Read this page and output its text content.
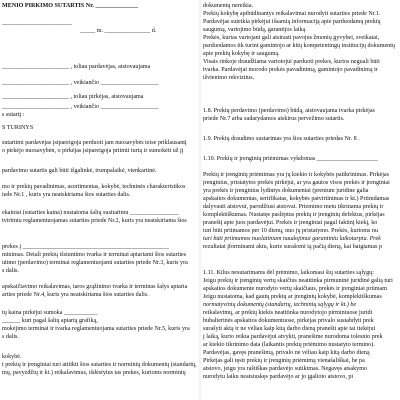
MENIO PIRKIMO SUTARTIS Nr. ______________
_______________________
_____ m. _______________ d.
______________________ , toliau pardavėjas, atstovaujama
______________________ , veikiančio ___________________
______________________ , toliau pirkėjas, atstovaujama
______________________ , veikiančio ___________________
s sutartį :
S TURINYS
sutartimi pardavėjas įsipareigoja perduoti jam nuosavybės teise priklausantį
o pirkėjo nuosavybėn, o pirkėjas įsipareigoja priimti turtą ir sumokėti už jį
pardavimo sutartis gali būti išgalinkė, trumpalaikė, vienkartinė.
mo ir prekių pavadinimas, asortimentas, kokybė, techninės charakteristikos
iede Nr.1 , kuris yra neatskiriama šios sutarties dalis.
ekainiai (sutarties kaina) nustatoma šalių susitarimu ________________
tvirtintu reglamentuojamas sutarties priede Nr.2, kuris yra neatskiriama šios
prekes į ________________________________________________
minimas. Detali prekių išsiuntimo tvarka ir terminai aptariami šios sutarties
utimo (perdavimo) terminai reglamentuojami sutarties priede Nr.3, kuris yra
s dalis.
apskaičiavimo reikalavimas, taros grąžinimo tvarka ir terminas šalys aptaria
arties priede Nr.4, kuris yra neatskiriama šios sutarties dalis.
tų kaina pirkėjui sumoka ___________
______ kuri pagal šalių aptartą grafiką,
mokėjimo terminai ir tvarka reglamentuojama sutarties priede Nr.5, kuris yra
s dalis.
kokybė.
t prekių ir įrenginiai turi atitikti šios sutarties ir norminių dokumentų (standartų,
mų, pavyzdžių ir kt.) reikalavimus, išdėstytus tas prekes, kurioms norminių
dokumentų nereikia.
Prekių kokybę apibūdinantys reikalavimai nurodyti sutarties priede Nr.1.
Pardavėjas suteikia pirkėjui išsamią informaciją apie parduodamų prekių
saugumą, vartojimo būdą, garantijos laiką.
Prekės, kurias vartojant gali atsirasti pavojus žmonių gyvybei, sveikatai,
parduodamos tik turint gamintojo ar kitų kompetentingų institucijų dokumentų
apie prekių kokybę ir saugumą.
Visais rinkoje draudžiama vartotojui parduoti prekes, kurios neguali būti
tvarka. Pardavėjai morodo prekės pavadinimą, gamintojo pavadinimą ir
išvienimo rekvizitus.
1.8. Prekių perdavimo (perdavimo) būdą, atstovaujama tvarka pirkėjas
priede Nr.7 arba sudarydamos atskirus pervežimo sutartis.
1.9. Prekių draudimo sustarimas yra šios sutarties priedas Nr. 8 .
1.10. Prekių ir įrenginių priėmimas vykdomas ____________________
Prekių ir įrenginių priėmimas yra jų kiekio ir kokybės patikrinimas. Pirkėjas
įrenginius, pristatytos prekės pirkėjui, ar yra gautos visos prekės ir įrenginiai
yra prekės ir įrenginius lydintys dokumentai (prenium juridine galia
apskaitos dokumentas, sertifikatas, kokybės patvirtinimas ir kt.) Priimdamas
dalyvauti atstovui, parodžiusi atstovai. Priemimo metu tikrinama prekių ir
komplektiškumas. Nustatęs paslėptus prekių ir įrenginių defektus, pirkėjas
praneštį apie juos pardavėjui. Prekės ir įrenginiai pagal faktinį kiekį, ko
turi būti priimamos per 10 dienų, nuo jų pristatymo. Prekės, kurioms nu
turi būti priimamos nuolatiniam naudojimui garantiniu laikotarpiu. Prek
rezultatai įforminami aktu, kurie surašomi tą pačią dieną, kai baigiamas p
1.11. Kilus nesutarimams dėl prėmimo, laikomasi šių sutarties sąlygų:
Jeigu prekių ir įrenginių vertų skaičius neatitinka pirmuninė juridinė galią turi
apskaitos dokumente nurodyto vertų skaičiaus, prekės ir įrenginiai priimam
Jeigu nustatoma, kad gautų prekių ar įrenginių kokybė, komplektiškumas
normatyvinių dokumentų (standartų, techninių sąlygų ir kt.) be
reikalavimų, ar prekių kiekis neatitinka nurodytojo pirminiuose juridi
buhalterinės apskaitos dokumentuose, pirkėjas privalo sustabdyti prek
surašyti aktą ir ne vėliau kaip kitą darbo dieną pranešti apie tai tiekėjui
į laiką, kurio reikia pardavėjui atvykti, pranešime nurodoma tolesnio prek
ar kiekio tikrinimo data (laikantis prekių priėmimo nustatyto termino).
Pardavėjas, gavęs pranešimą, privalo ne vėliau kaip kitą darbo dieną
Pirkėjas gali tęsti prekių ir įrenginių priėmimą vienašališkai, be pa
atstovo, jeigu yra raštiškas pardavėjo sutikimas. Negavęs atsakymo
nurodytu laiku neatsiuskęs pardavėjo ar jo įgalioto atstovo, pi
